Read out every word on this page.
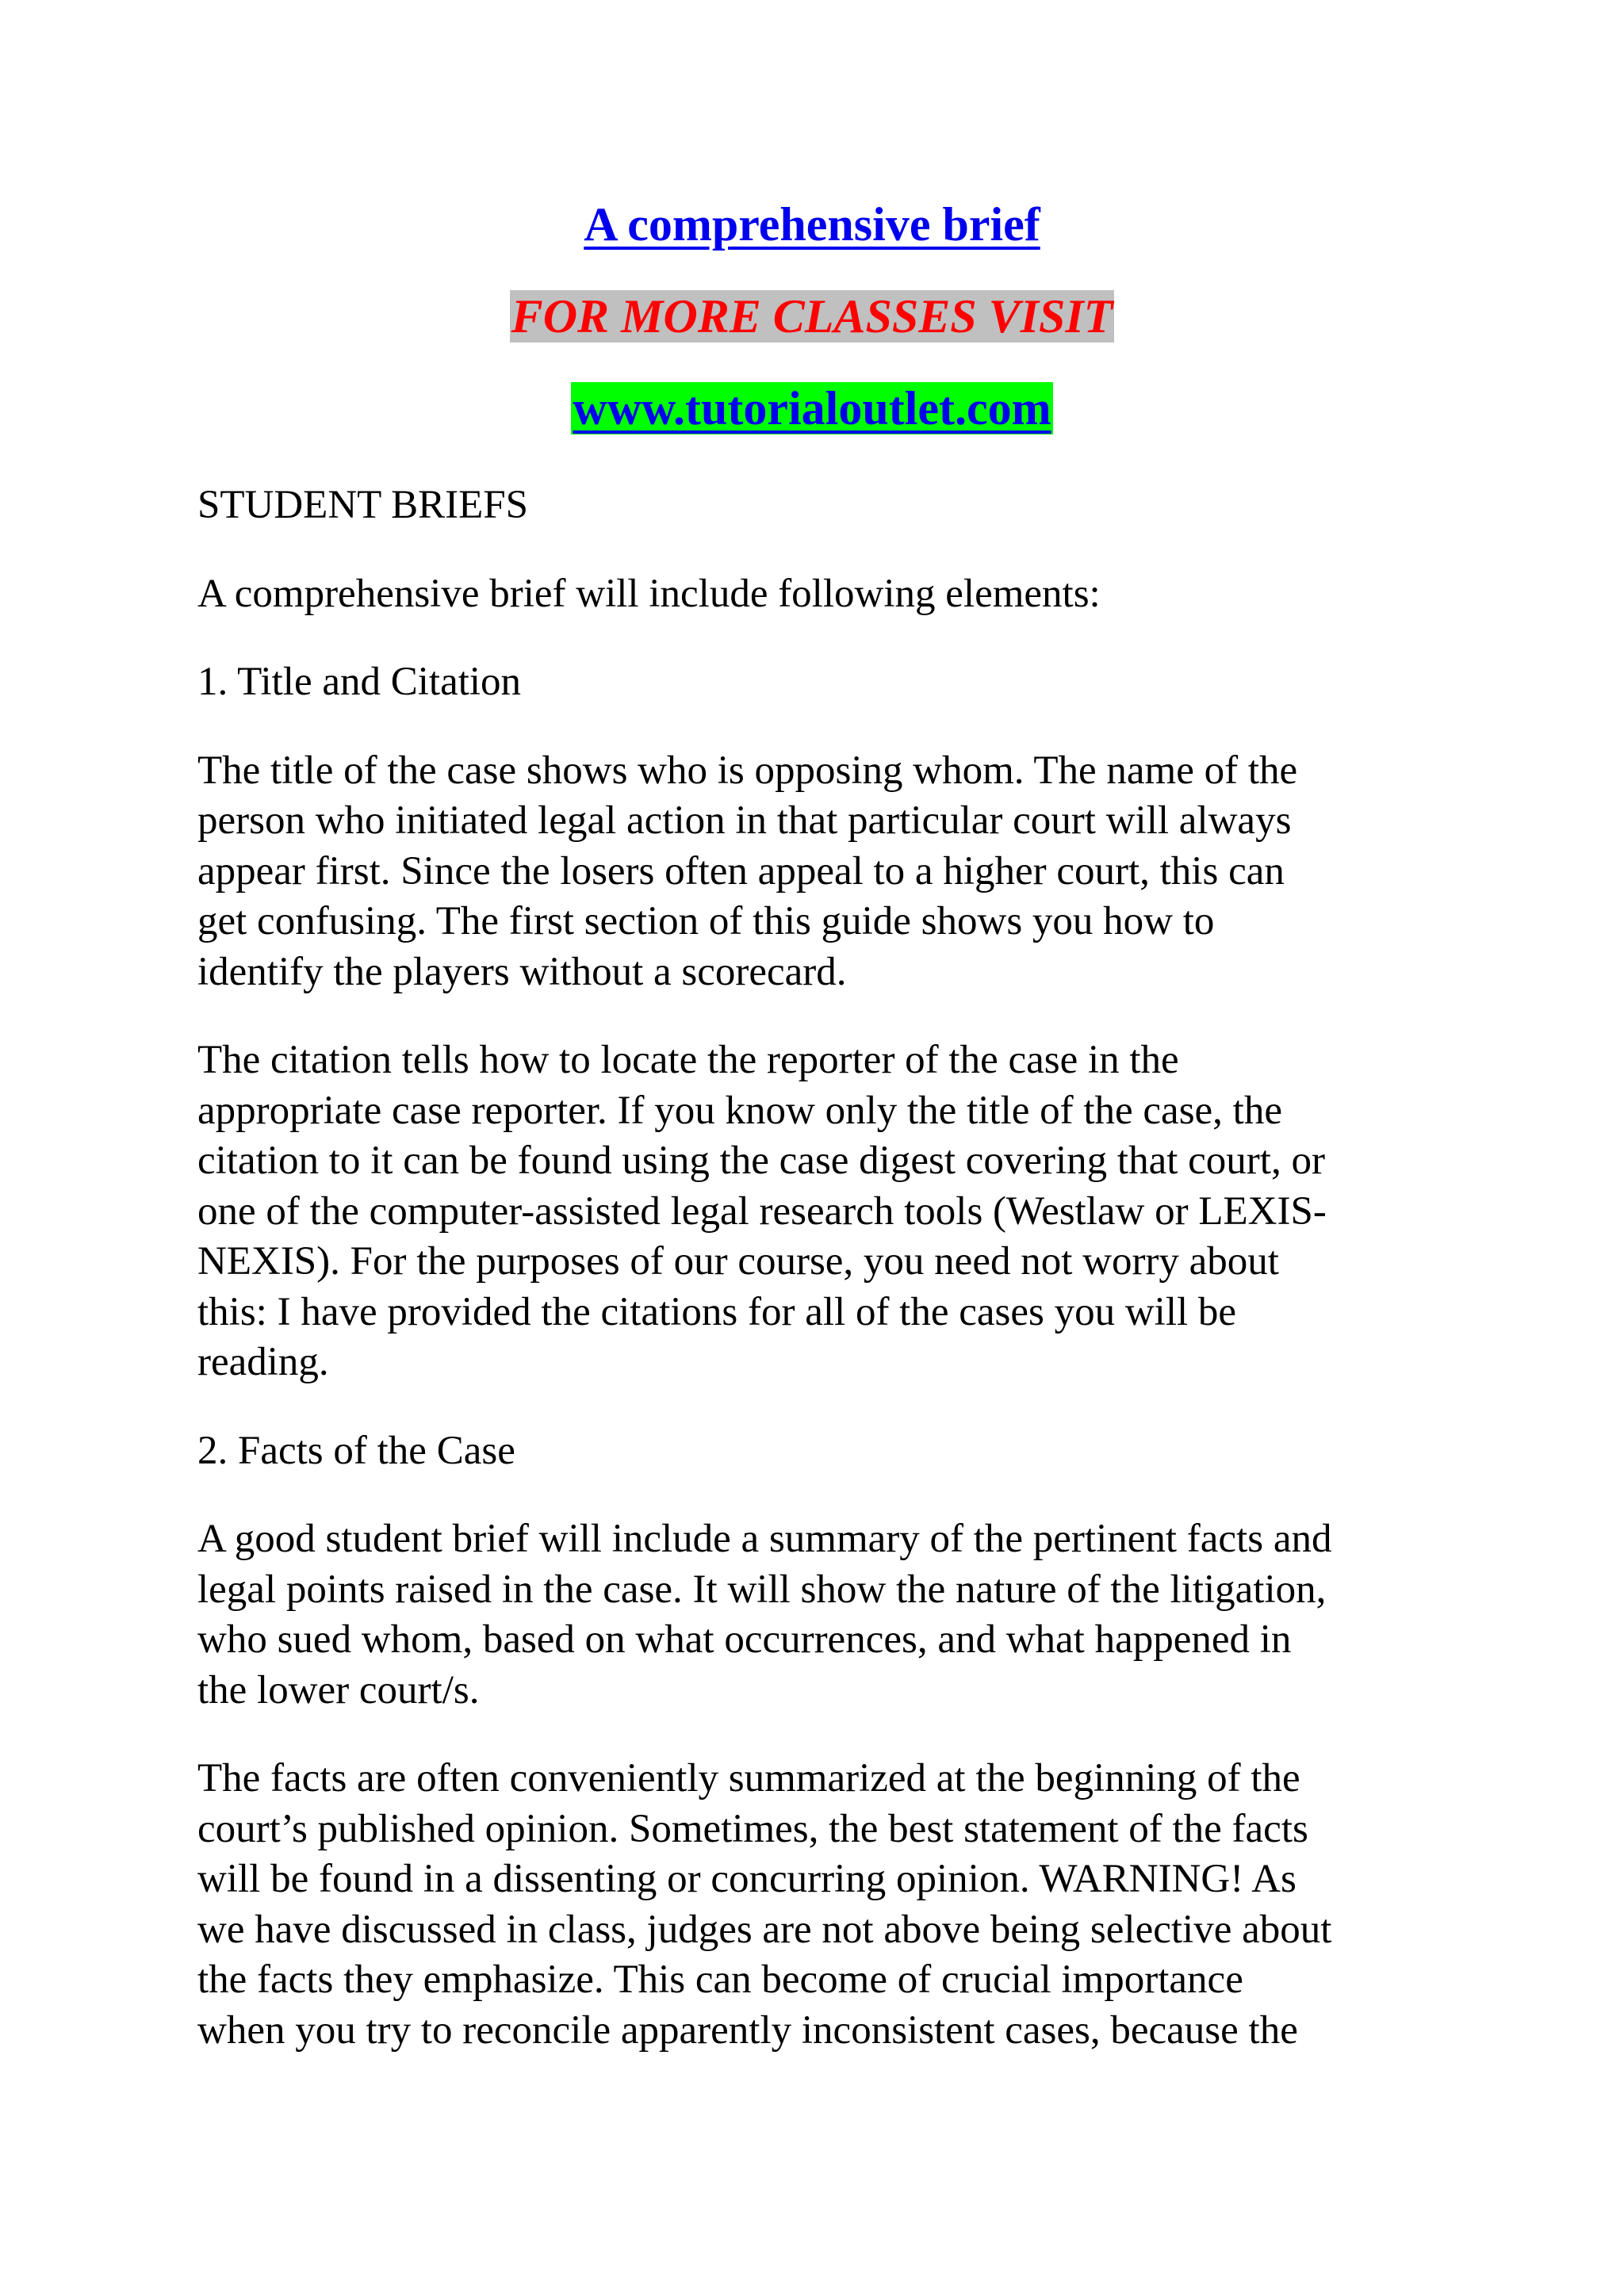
A comprehensive brief
FOR MORE CLASSES VISIT
www.tutorialoutlet.com

STUDENT BRIEFS

A comprehensive brief will include following elements:

1. Title and Citation

The title of the case shows who is opposing whom. The name of the
person who initiated legal action in that particular court will always
appear first. Since the losers often appeal to a higher court, this can
get confusing. The first section of this guide shows you how to
identify the players without a scorecard.

The citation tells how to locate the reporter of the case in the
appropriate case reporter. If you know only the title of the case, the
citation to it can be found using the case digest covering that court, or
one of the computer-assisted legal research tools (Westlaw or LEXIS-
NEXIS). For the purposes of our course, you need not worry about
this: I have provided the citations for all of the cases you will be
reading.

2. Facts of the Case

A good student brief will include a summary of the pertinent facts and
legal points raised in the case. It will show the nature of the litigation,
who sued whom, based on what occurrences, and what happened in
the lower court/s.

The facts are often conveniently summarized at the beginning of the
court’s published opinion. Sometimes, the best statement of the facts
will be found in a dissenting or concurring opinion. WARNING! As
we have discussed in class, judges are not above being selective about
the facts they emphasize. This can become of crucial importance
when you try to reconcile apparently inconsistent cases, because the
